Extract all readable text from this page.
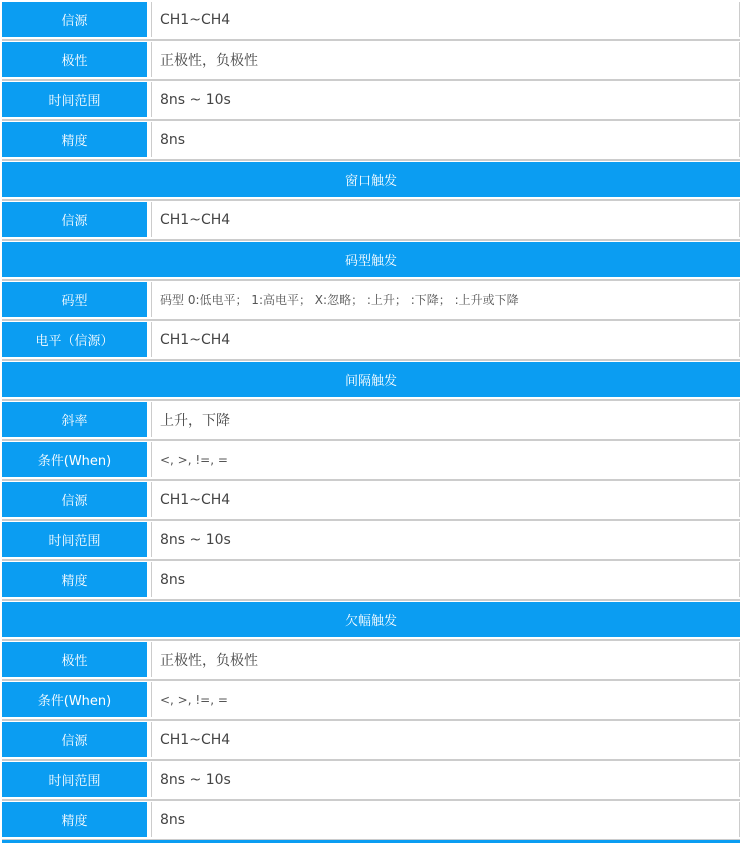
信源	CH1~CH4
极性	正极性，负极性
时间范围	8ns ~ 10s
精度	8ns
窗口触发
信源	CH1~CH4
码型触发
码型	码型 0:低电平； 1:高电平； X:忽略； :上升； :下降； :上升或下降
电平（信源）	CH1~CH4
间隔触发
斜率	上升，下降
条件(When)	<, >, !=, =
信源	CH1~CH4
时间范围	8ns ~ 10s
精度	8ns
欠幅触发
极性	正极性，负极性
条件(When)	<, >, !=, =
信源	CH1~CH4
时间范围	8ns ~ 10s
精度	8ns
